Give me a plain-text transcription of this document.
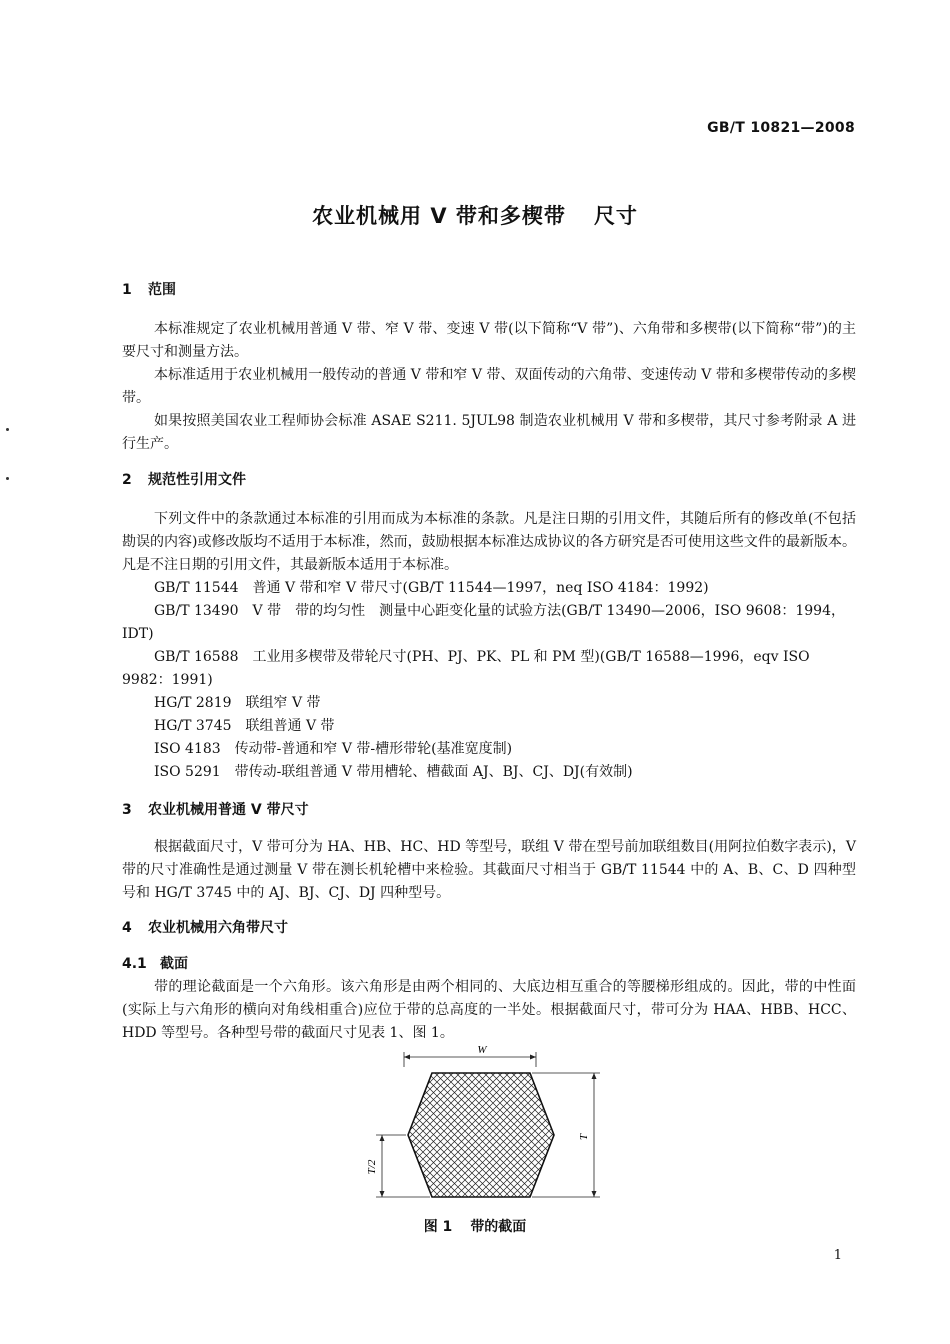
GB/T 10821—2008
农业机械用 V 带和多楔带 尺寸
1 范围
本标准规定了农业机械用普通 V 带、窄 V 带、变速 V 带(以下简称“V 带”)、六角带和多楔带(以下简称“带”)的主要尺寸和测量方法。
本标准适用于农业机械用一般传动的普通 V 带和窄 V 带、双面传动的六角带、变速传动 V 带和多楔带传动的多楔带。
如果按照美国农业工程师协会标准 ASAE S211. 5JUL98 制造农业机械用 V 带和多楔带，其尺寸参考附录 A 进行生产。
2 规范性引用文件
下列文件中的条款通过本标准的引用而成为本标准的条款。凡是注日期的引用文件，其随后所有的修改单(不包括勘误的内容)或修改版均不适用于本标准，然而，鼓励根据本标准达成协议的各方研究是否可使用这些文件的最新版本。凡是不注日期的引用文件，其最新版本适用于本标准。
GB/T 11544　普通 V 带和窄 V 带尺寸(GB/T 11544—1997，neq ISO 4184：1992)
GB/T 13490　V 带　带的均匀性　测量中心距变化量的试验方法(GB/T 13490—2006，ISO 9608：1994，IDT)
GB/T 16588　工业用多楔带及带轮尺寸(PH、PJ、PK、PL 和 PM 型)(GB/T 16588—1996，eqv ISO 9982：1991)
HG/T 2819　联组窄 V 带
HG/T 3745　联组普通 V 带
ISO 4183　传动带-普通和窄 V 带-槽形带轮(基准宽度制)
ISO 5291　带传动-联组普通 V 带用槽轮、槽截面 AJ、BJ、CJ、DJ(有效制)
3 农业机械用普通 V 带尺寸
根据截面尺寸，V 带可分为 HA、HB、HC、HD 等型号，联组 V 带在型号前加联组数目(用阿拉伯数字表示)，V 带的尺寸准确性是通过测量 V 带在测长机轮槽中来检验。其截面尺寸相当于 GB/T 11544 中的 A、B、C、D 四种型号和 HG/T 3745 中的 AJ、BJ、CJ、DJ 四种型号。
4 农业机械用六角带尺寸
4.1 截面
带的理论截面是一个六角形。该六角形是由两个相同的、大底边相互重合的等腰梯形组成的。因此，带的中性面(实际上与六角形的横向对角线相重合)应位于带的总高度的一半处。根据截面尺寸，带可分为 HAA、HBB、HCC、HDD 等型号。各种型号带的截面尺寸见表 1、图 1。
W
T
T/2
图 1 带的截面
1
